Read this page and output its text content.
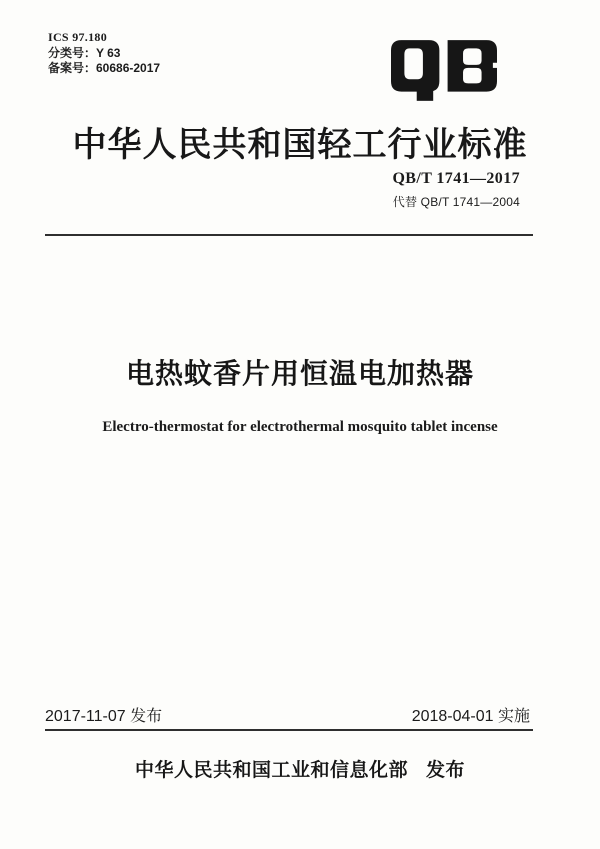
ICS 97.180
分类号：Y 63
备案号：60686-2017
中华人民共和国轻工行业标准
QB/T 1741—2017
代替 QB/T 1741—2004
电热蚊香片用恒温电加热器
Electro-thermostat for electrothermal mosquito tablet incense
2017-11-07 发布	2018-04-01 实施
中华人民共和国工业和信息化部 发布
